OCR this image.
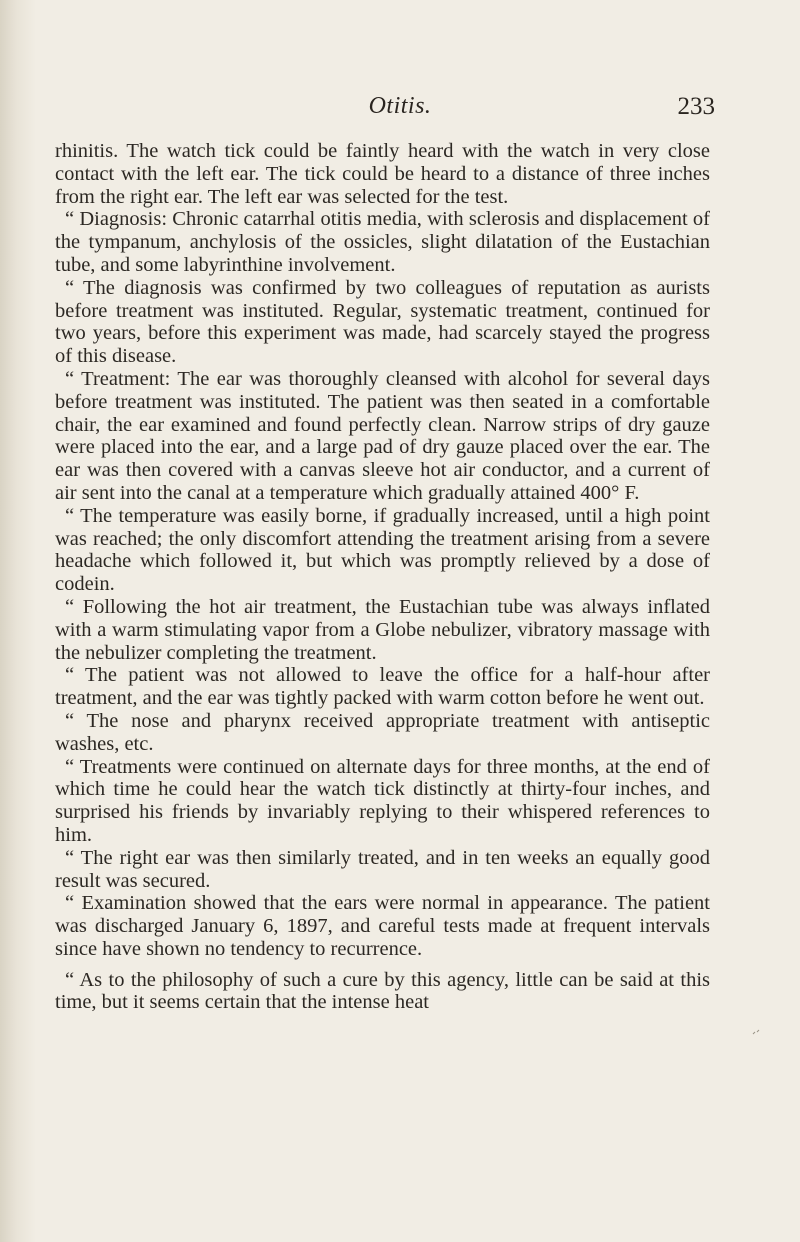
Otitis.	233

rhinitis. The watch tick could be faintly heard with the watch in very close contact with the left ear. The tick could be heard to a distance of three inches from the right ear. The left ear was selected for the test.

“ Diagnosis: Chronic catarrhal otitis media, with sclerosis and displacement of the tympanum, anchylosis of the ossicles, slight dilatation of the Eustachian tube, and some labyrinthine involvement.

“ The diagnosis was confirmed by two colleagues of reputation as aurists before treatment was instituted. Regular, systematic treatment, continued for two years, before this experiment was made, had scarcely stayed the progress of this disease.

“ Treatment: The ear was thoroughly cleansed with alcohol for several days before treatment was instituted. The patient was then seated in a comfortable chair, the ear examined and found perfectly clean. Narrow strips of dry gauze were placed into the ear, and a large pad of dry gauze placed over the ear. The ear was then covered with a canvas sleeve hot air conductor, and a current of air sent into the canal at a temperature which gradually attained 400° F.

“ The temperature was easily borne, if gradually increased, until a high point was reached; the only discomfort attending the treatment arising from a severe headache which followed it, but which was promptly relieved by a dose of codein.

“ Following the hot air treatment, the Eustachian tube was always inflated with a warm stimulating vapor from a Globe nebulizer, vibratory massage with the nebulizer completing the treatment.

“ The patient was not allowed to leave the office for a half-hour after treatment, and the ear was tightly packed with warm cotton before he went out.

“ The nose and pharynx received appropriate treatment with antiseptic washes, etc.

“ Treatments were continued on alternate days for three months, at the end of which time he could hear the watch tick distinctly at thirty-four inches, and surprised his friends by invariably replying to their whispered references to him.

“ The right ear was then similarly treated, and in ten weeks an equally good result was secured.

“ Examination showed that the ears were normal in appearance. The patient was discharged January 6, 1897, and careful tests made at frequent intervals since have shown no tendency to recurrence.

“ As to the philosophy of such a cure by this agency, little can be said at this time, but it seems certain that the intense heat
